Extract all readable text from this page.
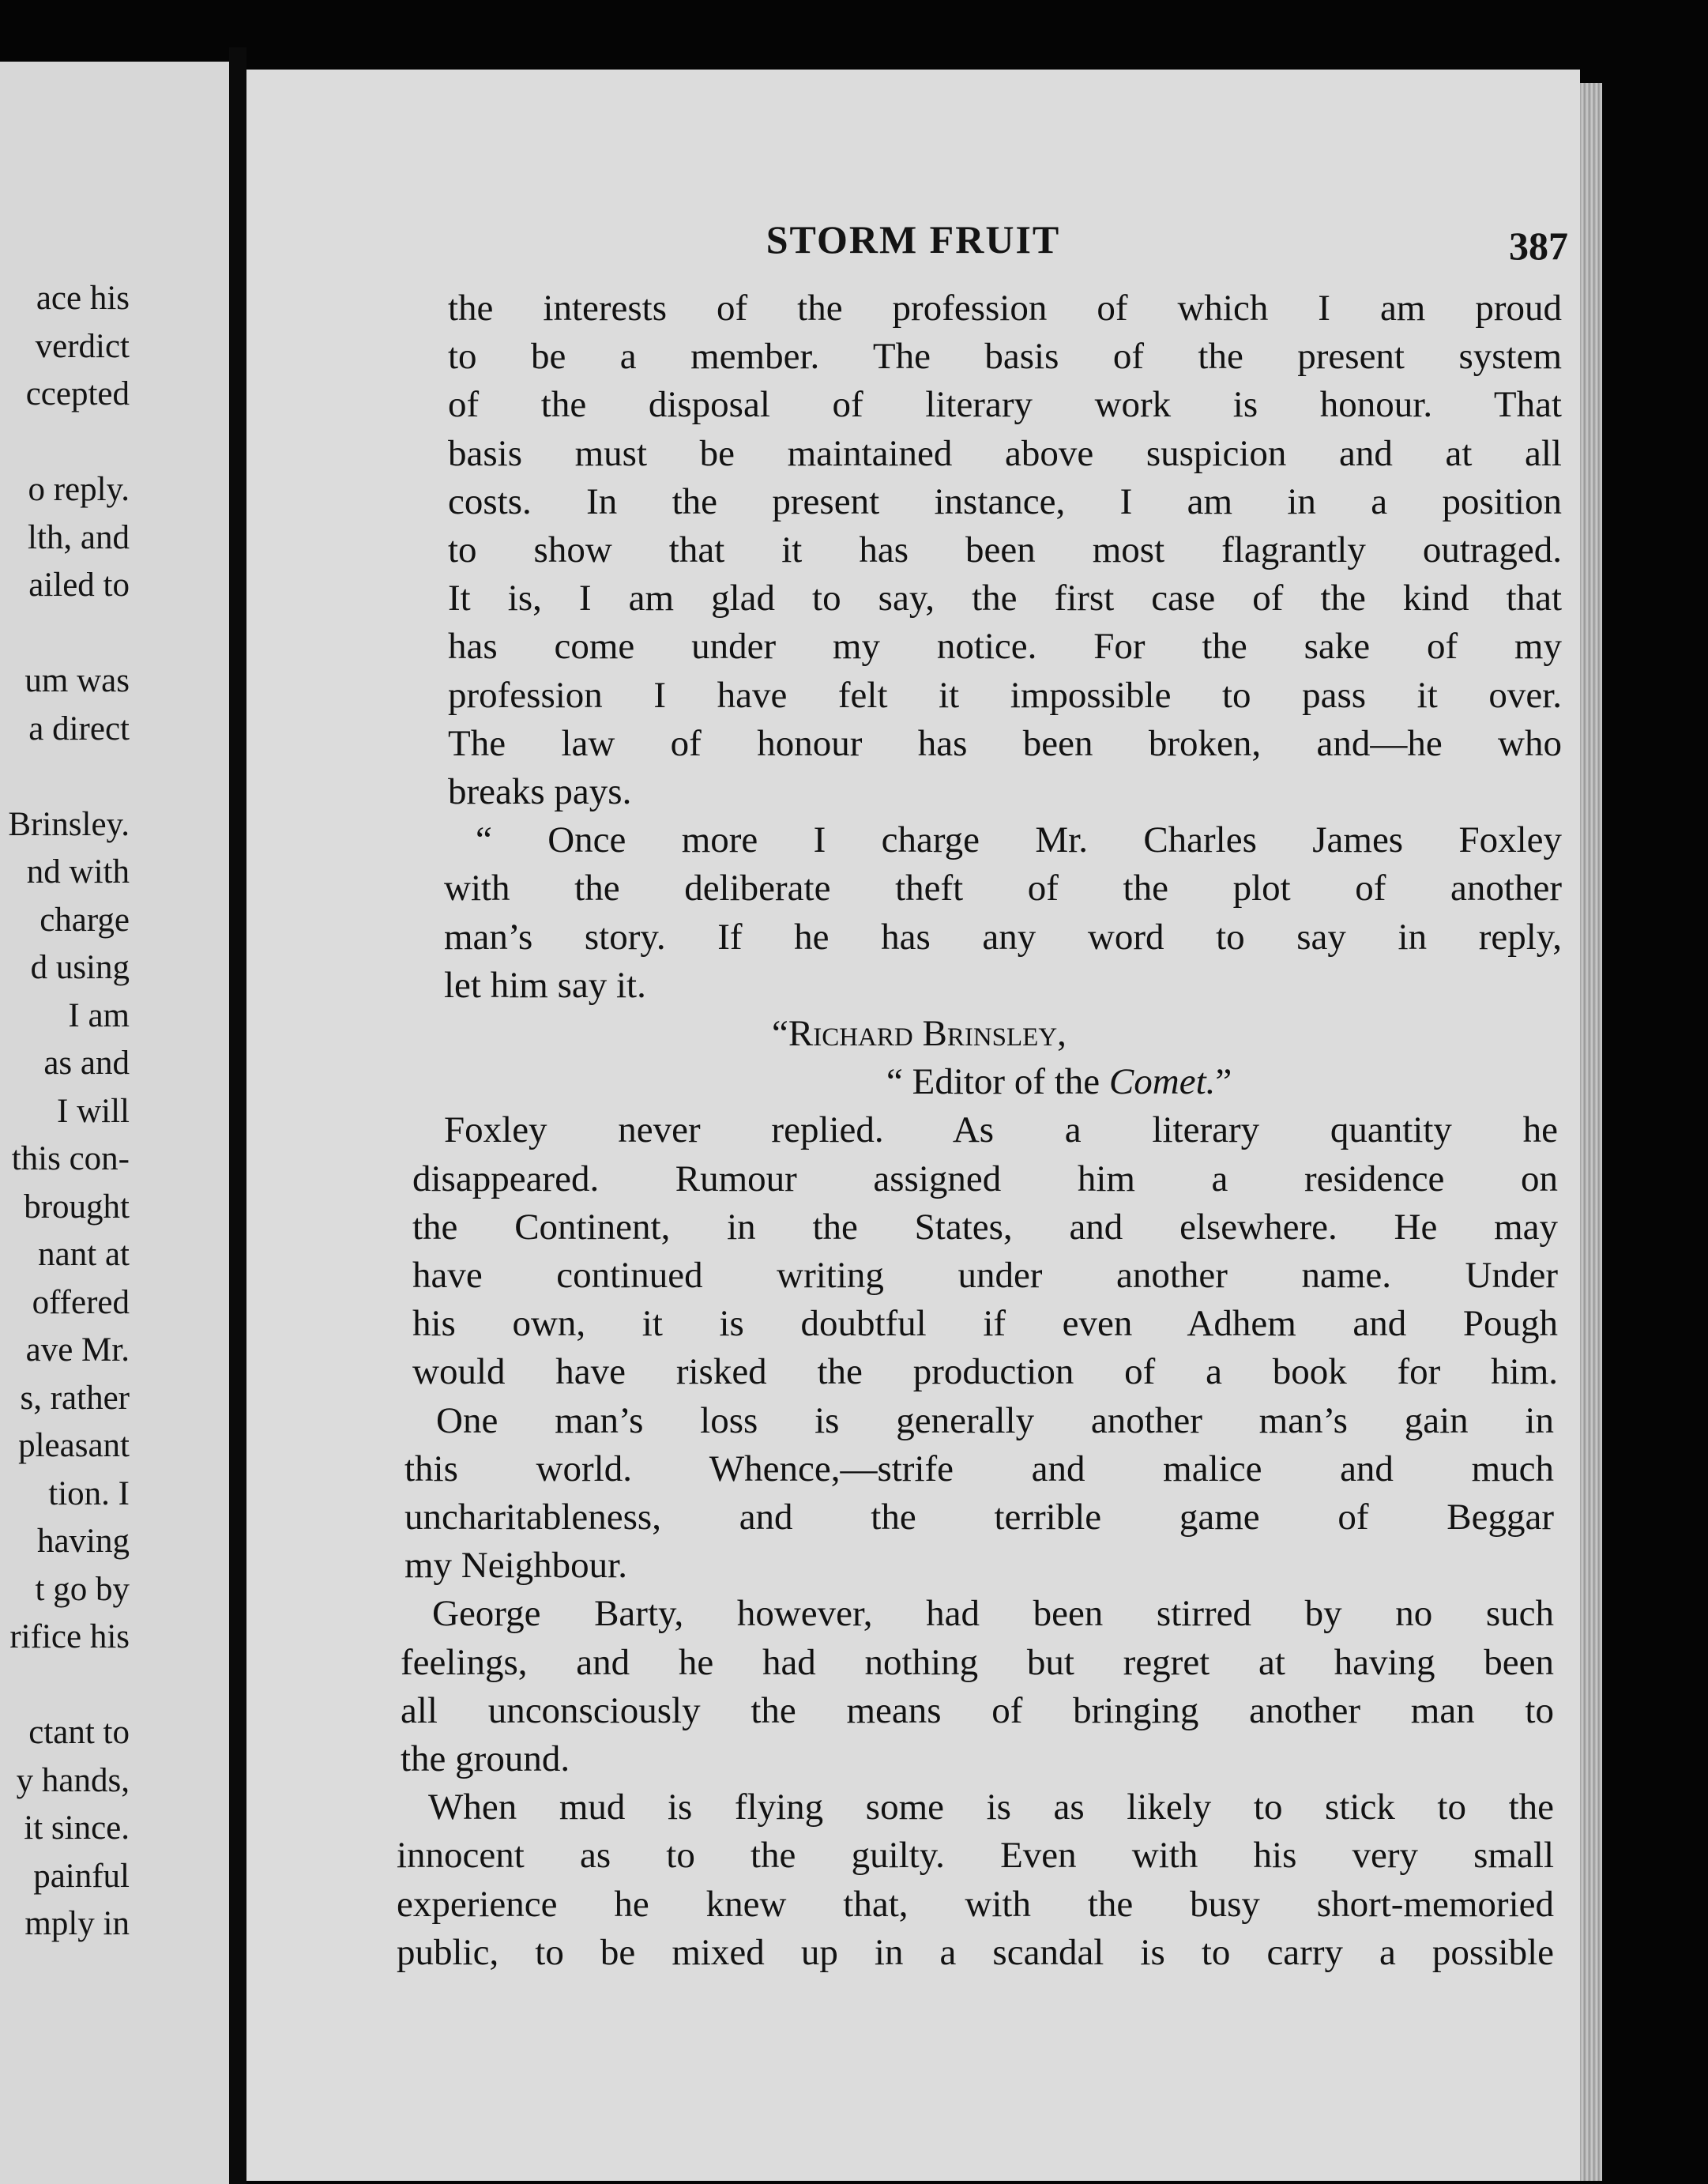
ace his
verdict
ccepted
o reply.
lth, and
ailed to
um was
a direct
Brinsley.
nd with
charge
d using
I am
as and
I will
this con-
brought
nant at
offered
ave Mr.
s, rather
pleasant
tion. I
having
t go by
rifice his
ctant to
y hands,
it since.
painful
mply in
STORM FRUIT	387
the interests of the profession of which I am proud
to be a member. The basis of the present system
of the disposal of literary work is honour. That
basis must be maintained above suspicion and at all
costs. In the present instance, I am in a position
to show that it has been most flagrantly outraged.
It is, I am glad to say, the first case of the kind that
has come under my notice. For the sake of my
profession I have felt it impossible to pass it over.
The law of honour has been broken, and—he who
breaks pays.
“ Once more I charge Mr. Charles James Foxley
with the deliberate theft of the plot of another
man’s story. If he has any word to say in reply,
let him say it.
“Richard Brinsley,
“ Editor of the Comet.”
Foxley never replied. As a literary quantity he
disappeared. Rumour assigned him a residence on
the Continent, in the States, and elsewhere. He may
have continued writing under another name. Under
his own, it is doubtful if even Adhem and Pough
would have risked the production of a book for him.
One man’s loss is generally another man’s gain in
this world. Whence,—strife and malice and much
uncharitableness, and the terrible game of Beggar
my Neighbour.
George Barty, however, had been stirred by no such
feelings, and he had nothing but regret at having been
all unconsciously the means of bringing another man to
the ground.
When mud is flying some is as likely to stick to the
innocent as to the guilty. Even with his very small
experience he knew that, with the busy short-memoried
public, to be mixed up in a scandal is to carry a possible
